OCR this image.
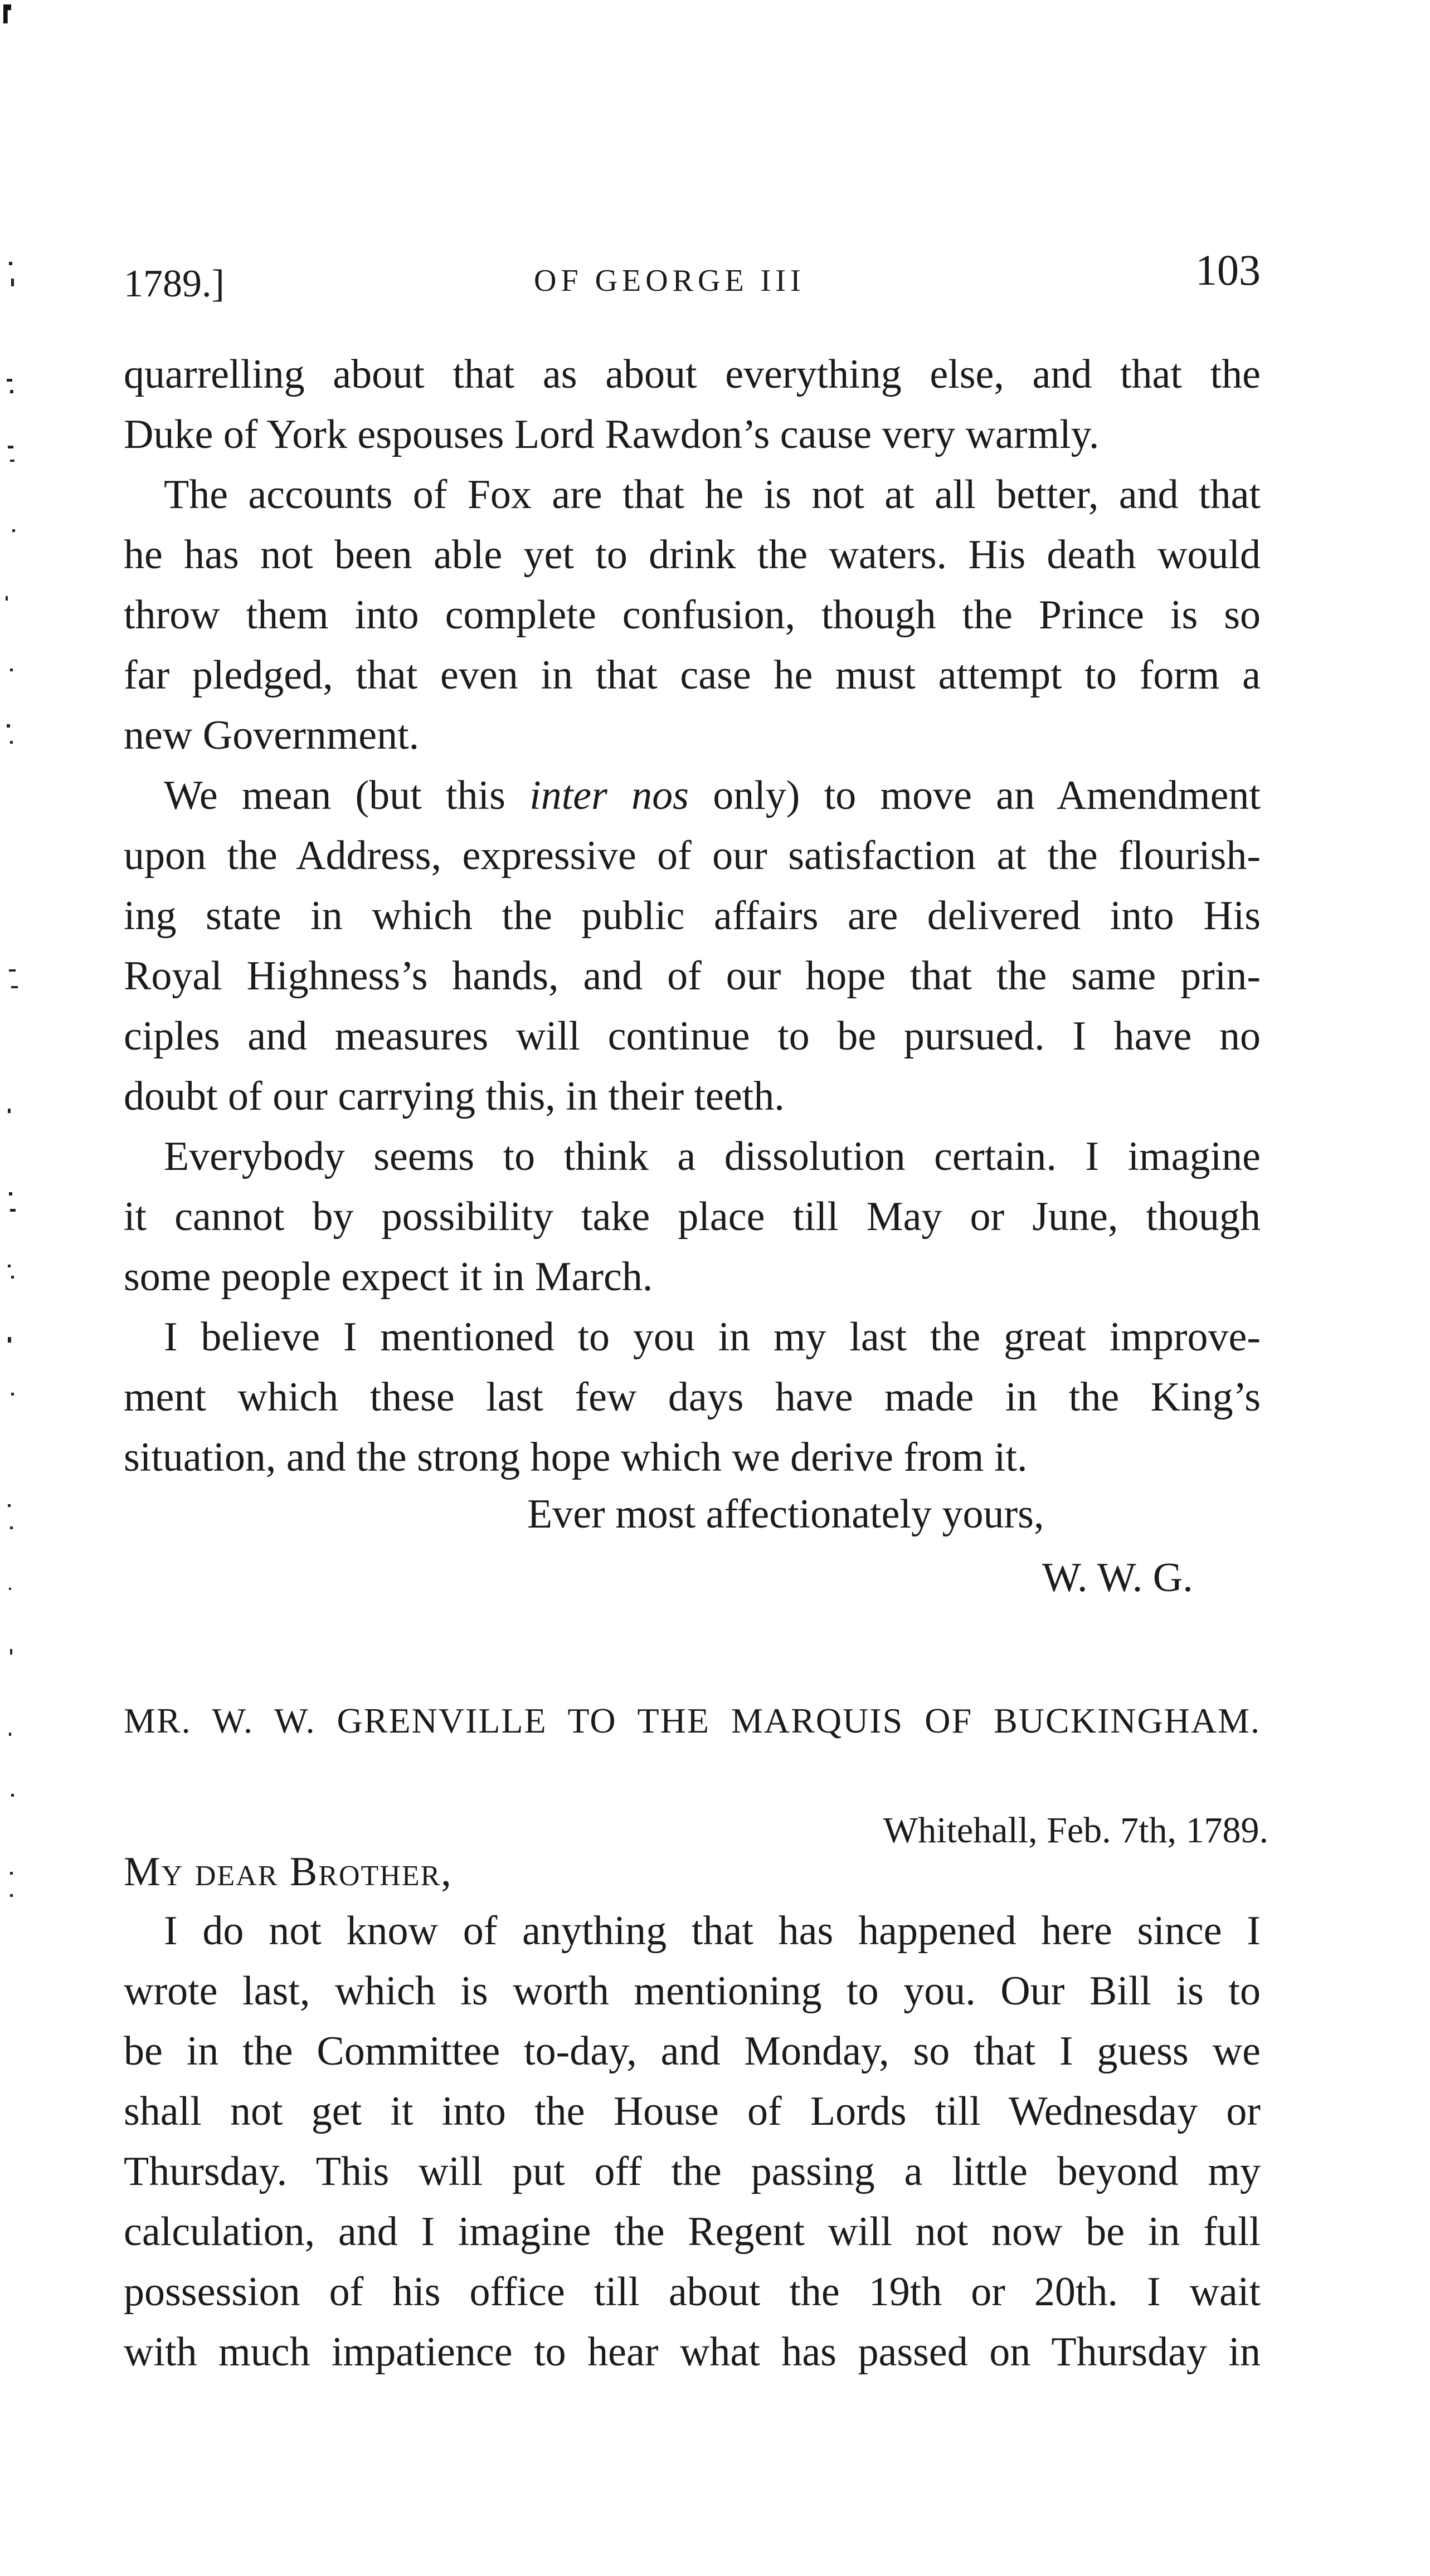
1789.]	OF GEORGE III	103
quarrelling about that as about everything else, and that the
Duke of York espouses Lord Rawdon’s cause very warmly.
The accounts of Fox are that he is not at all better, and that
he has not been able yet to drink the waters. His death would
throw them into complete confusion, though the Prince is so
far pledged, that even in that case he must attempt to form a
new Government.
We mean (but this inter nos only) to move an Amendment
upon the Address, expressive of our satisfaction at the flourish-
ing state in which the public affairs are delivered into His
Royal Highness’s hands, and of our hope that the same prin-
ciples and measures will continue to be pursued. I have no
doubt of our carrying this, in their teeth.
Everybody seems to think a dissolution certain. I imagine
it cannot by possibility take place till May or June, though
some people expect it in March.
I believe I mentioned to you in my last the great improve-
ment which these last few days have made in the King’s
situation, and the strong hope which we derive from it.
Ever most affectionately yours,
W. W. G.
MR. W. W. GRENVILLE TO THE MARQUIS OF BUCKINGHAM.
Whitehall, Feb. 7th, 1789.
My dear Brother,
I do not know of anything that has happened here since I
wrote last, which is worth mentioning to you. Our Bill is to
be in the Committee to-day, and Monday, so that I guess we
shall not get it into the House of Lords till Wednesday or
Thursday. This will put off the passing a little beyond my
calculation, and I imagine the Regent will not now be in full
possession of his office till about the 19th or 20th. I wait
with much impatience to hear what has passed on Thursday in
